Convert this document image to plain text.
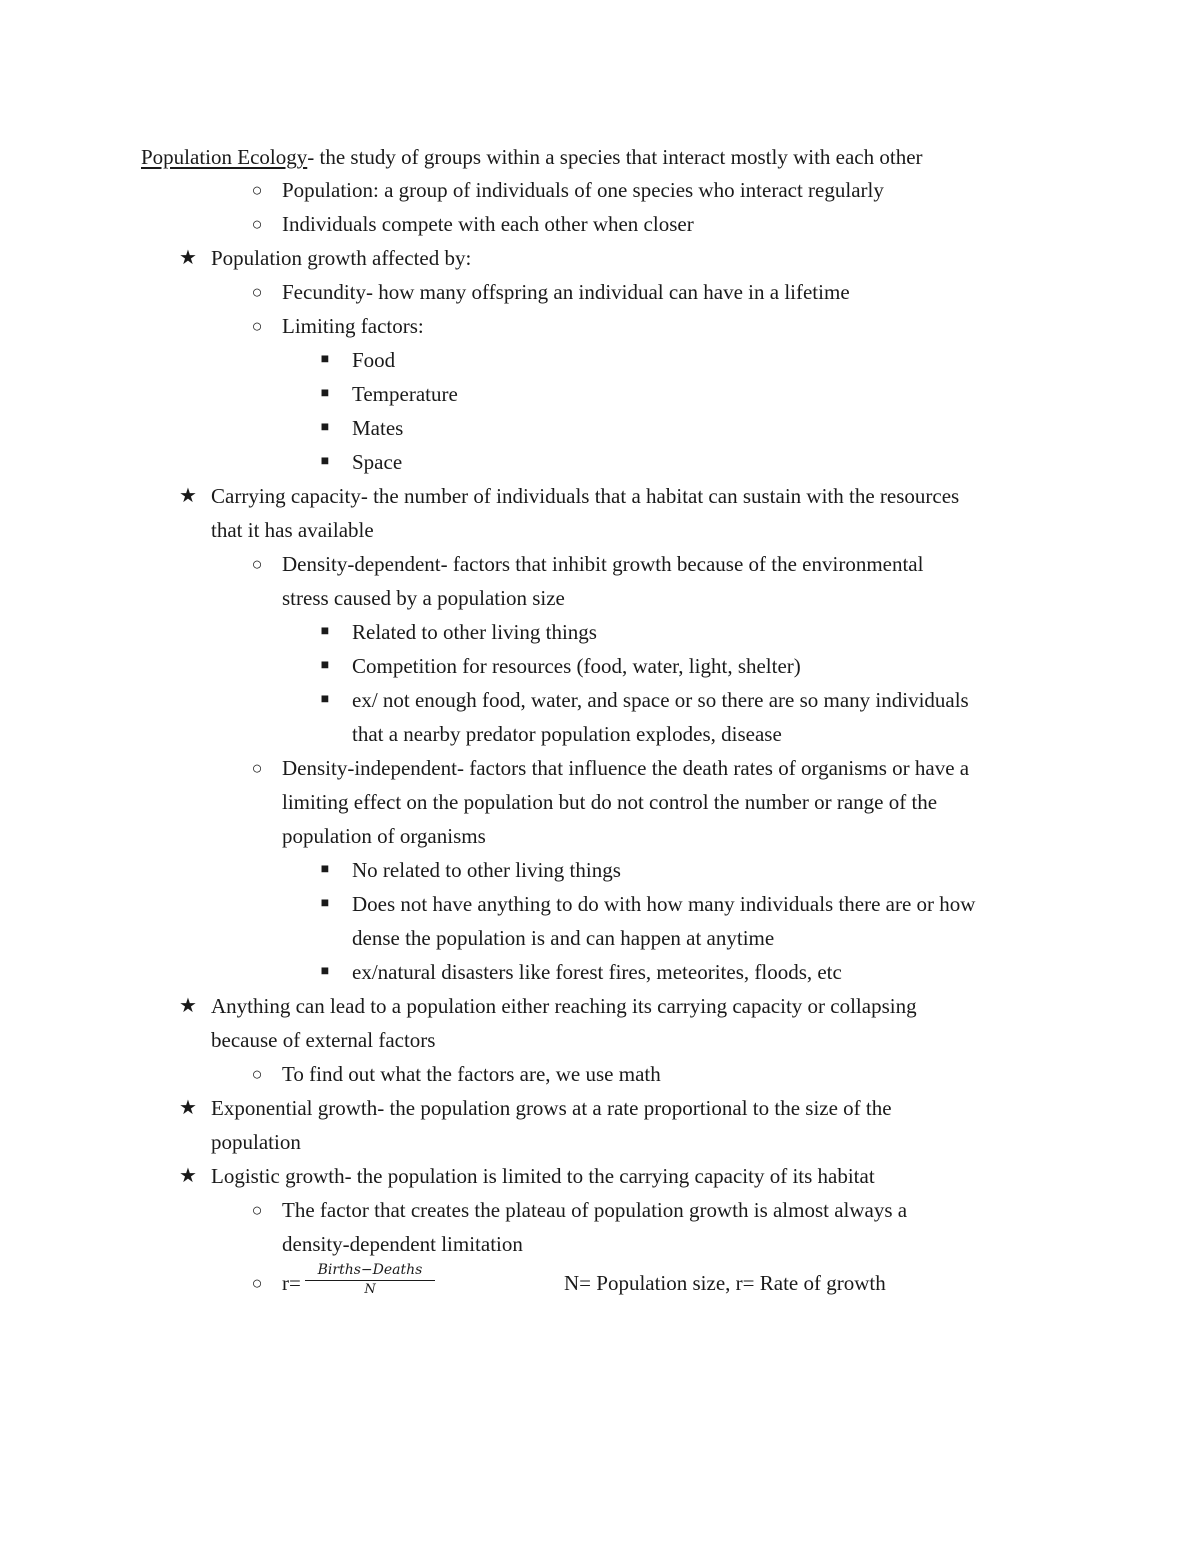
Population Ecology- the study of groups within a species that interact mostly with each other
○ Population: a group of individuals of one species who interact regularly
○ Individuals compete with each other when closer
★ Population growth affected by:
○ Fecundity- how many offspring an individual can have in a lifetime
○ Limiting factors:
■	Food
■	Temperature
■	Mates
■	Space
★ Carrying capacity- the number of individuals that a habitat can sustain with the resources
that it has available
○ Density-dependent- factors that inhibit growth because of the environmental
stress caused by a population size
■	Related to other living things
■	Competition for resources (food, water, light, shelter)
■	ex/ not enough food, water, and space or so there are so many individuals
that a nearby predator population explodes, disease
○ Density-independent- factors that influence the death rates of organisms or have a
limiting effect on the population but do not control the number or range of the
population of organisms
■	No related to other living things
■	Does not have anything to do with how many individuals there are or how
dense the population is and can happen at anytime
■	ex/natural disasters like forest fires, meteorites, floods, etc
★ Anything can lead to a population either reaching its carrying capacity or collapsing
because of external factors
○ To find out what the factors are, we use math
★ Exponential growth- the population grows at a rate proportional to the size of the
population
★ Logistic growth- the population is limited to the carrying capacity of its habitat
○ The factor that creates the plateau of population growth is almost always a
density-dependent limitation
○ r=
Births−Deaths
N	N= Population size, r= Rate of growth
